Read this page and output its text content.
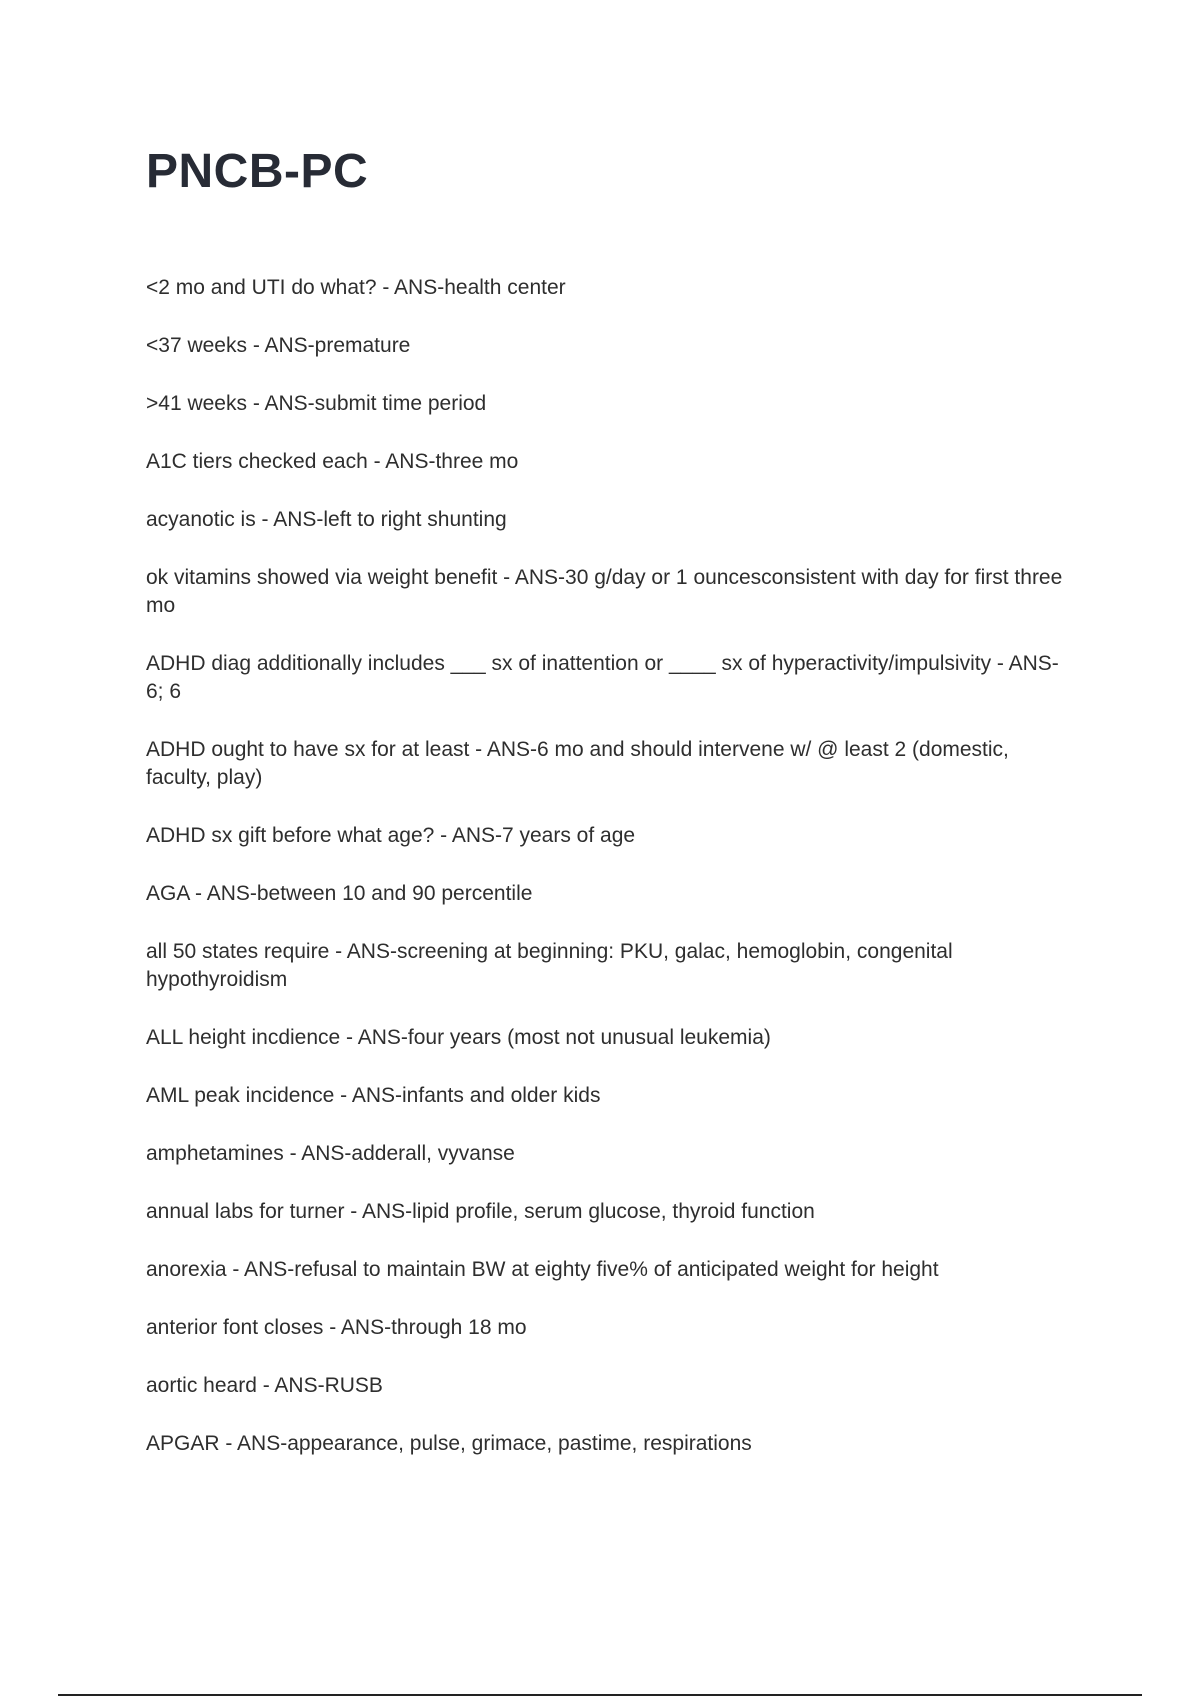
PNCB-PC
<2 mo and UTI do what? - ANS-health center
<37 weeks - ANS-premature
>41 weeks - ANS-submit time period
A1C tiers checked each - ANS-three mo
acyanotic is - ANS-left to right shunting
ok vitamins showed via weight benefit - ANS-30 g/day or 1 ouncesconsistent with day for first three mo
ADHD diag additionally includes ___ sx of inattention or ____ sx of hyperactivity/impulsivity - ANS-6; 6
ADHD ought to have sx for at least - ANS-6 mo and should intervene w/ @ least 2 (domestic, faculty, play)
ADHD sx gift before what age? - ANS-7 years of age
AGA - ANS-between 10 and 90 percentile
all 50 states require - ANS-screening at beginning: PKU, galac, hemoglobin, congenital hypothyroidism
ALL height incdience - ANS-four years (most not unusual leukemia)
AML peak incidence - ANS-infants and older kids
amphetamines - ANS-adderall, vyvanse
annual labs for turner - ANS-lipid profile, serum glucose, thyroid function
anorexia - ANS-refusal to maintain BW at eighty five% of anticipated weight for height
anterior font closes - ANS-through 18 mo
aortic heard - ANS-RUSB
APGAR - ANS-appearance, pulse, grimace, pastime, respirations
